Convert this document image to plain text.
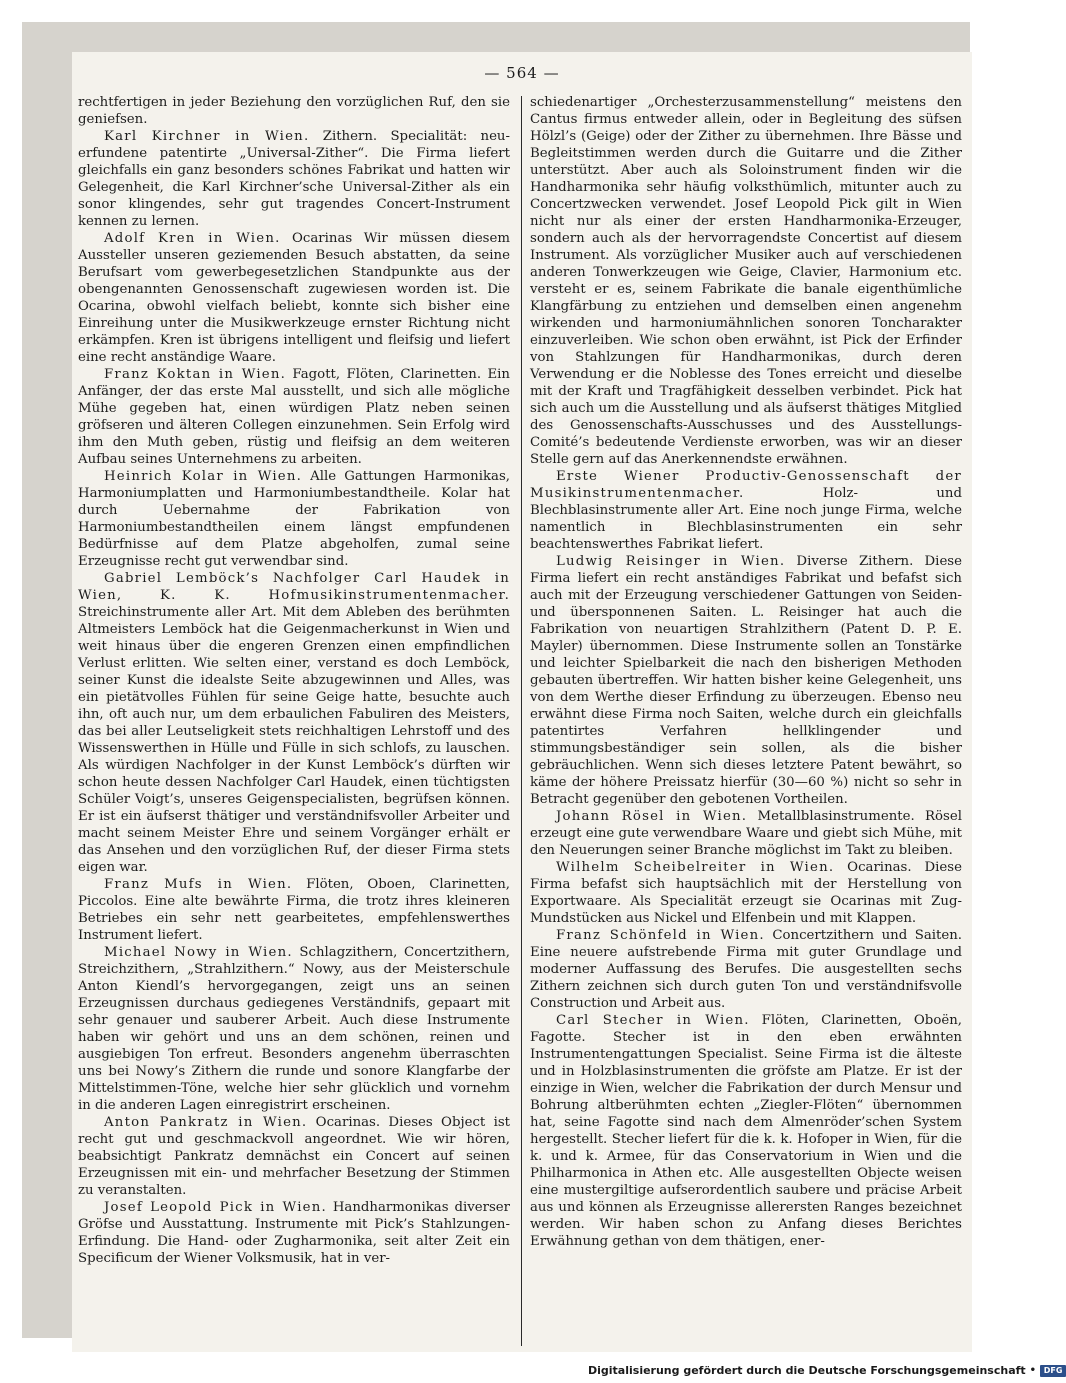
— 564 —

rechtfertigen in jeder Beziehung den vorzüglichen Ruf, den sie geniefsen.

Karl Kirchner in Wien. Zithern. Specialität: neu-erfundene patentirte „Universal-Zither“. Die Firma liefert gleichfalls ein ganz besonders schönes Fabrikat und hatten wir Gelegenheit, die Karl Kirchner’sche Universal-Zither als ein sonor klingendes, sehr gut tragendes Concert-Instrument kennen zu lernen.

Adolf Kren in Wien. Ocarinas Wir müssen diesem Aussteller unseren geziemenden Besuch abstatten, da seine Berufsart vom gewerbegesetzlichen Standpunkte aus der obengenannten Genossenschaft zugewiesen worden ist. Die Ocarina, obwohl vielfach beliebt, konnte sich bisher eine Einreihung unter die Musikwerkzeuge ernster Richtung nicht erkämpfen. Kren ist übrigens intelligent und fleifsig und liefert eine recht anständige Waare.

Franz Koktan in Wien. Fagott, Flöten, Clarinetten. Ein Anfänger, der das erste Mal ausstellt, und sich alle mögliche Mühe gegeben hat, einen würdigen Platz neben seinen gröfseren und älteren Collegen einzunehmen. Sein Erfolg wird ihm den Muth geben, rüstig und fleifsig an dem weiteren Aufbau seines Unternehmens zu arbeiten.

Heinrich Kolar in Wien. Alle Gattungen Harmonikas, Harmoniumplatten und Harmoniumbestandtheile. Kolar hat durch Uebernahme der Fabrikation von Harmoniumbestandtheilen einem längst empfundenen Bedürfnisse auf dem Platze abgeholfen, zumal seine Erzeugnisse recht gut verwendbar sind.

Gabriel Lemböck’s Nachfolger Carl Haudek in Wien, K. K. Hofmusikinstrumentenmacher. Streichinstrumente aller Art. Mit dem Ableben des berühmten Altmeisters Lemböck hat die Geigenmacherkunst in Wien und weit hinaus über die engeren Grenzen einen empfindlichen Verlust erlitten. Wie selten einer, verstand es doch Lemböck, seiner Kunst die idealste Seite abzugewinnen und Alles, was ein pietätvolles Fühlen für seine Geige hatte, besuchte auch ihn, oft auch nur, um dem erbaulichen Fabuliren des Meisters, das bei aller Leutseligkeit stets reichhaltigen Lehrstoff und des Wissenswerthen in Hülle und Fülle in sich schlofs, zu lauschen. Als würdigen Nachfolger in der Kunst Lemböck’s dürften wir schon heute dessen Nachfolger Carl Haudek, einen tüchtigsten Schüler Voigt’s, unseres Geigenspecialisten, begrüfsen können. Er ist ein äufserst thätiger und verständnifsvoller Arbeiter und macht seinem Meister Ehre und seinem Vorgänger erhält er das Ansehen und den vorzüglichen Ruf, der dieser Firma stets eigen war.

Franz Mufs in Wien. Flöten, Oboen, Clarinetten, Piccolos. Eine alte bewährte Firma, die trotz ihres kleineren Betriebes ein sehr nett gearbeitetes, empfehlenswerthes Instrument liefert.

Michael Nowy in Wien. Schlagzithern, Concertzithern, Streichzithern, „Strahlzithern.“ Nowy, aus der Meisterschule Anton Kiendl’s hervorgegangen, zeigt uns an seinen Erzeugnissen durchaus gediegenes Verständnifs, gepaart mit sehr genauer und sauberer Arbeit. Auch diese Instrumente haben wir gehört und uns an dem schönen, reinen und ausgiebigen Ton erfreut. Besonders angenehm überraschten uns bei Nowy’s Zithern die runde und sonore Klangfarbe der Mittelstimmen-Töne, welche hier sehr glücklich und vornehm in die anderen Lagen einregistrirt erscheinen.

Anton Pankratz in Wien. Ocarinas. Dieses Object ist recht gut und geschmackvoll angeordnet. Wie wir hören, beabsichtigt Pankratz demnächst ein Concert auf seinen Erzeugnissen mit ein- und mehrfacher Besetzung der Stimmen zu veranstalten.

Josef Leopold Pick in Wien. Handharmonikas diverser Gröfse und Ausstattung. Instrumente mit Pick’s Stahlzungen-Erfindung. Die Hand- oder Zugharmonika, seit alter Zeit ein Specificum der Wiener Volksmusik, hat in ver-

schiedenartiger „Orchesterzusammenstellung“ meistens den Cantus firmus entweder allein, oder in Begleitung des süfsen Hölzl’s (Geige) oder der Zither zu übernehmen. Ihre Bässe und Begleitstimmen werden durch die Guitarre und die Zither unterstützt. Aber auch als Soloinstrument finden wir die Handharmonika sehr häufig volksthümlich, mitunter auch zu Concertzwecken verwendet. Josef Leopold Pick gilt in Wien nicht nur als einer der ersten Handharmonika-Erzeuger, sondern auch als der hervorragendste Concertist auf diesem Instrument. Als vorzüglicher Musiker auch auf verschiedenen anderen Tonwerkzeugen wie Geige, Clavier, Harmonium etc. versteht er es, seinem Fabrikate die banale eigenthümliche Klangfärbung zu entziehen und demselben einen angenehm wirkenden und harmoniumähnlichen sonoren Toncharakter einzuverleiben. Wie schon oben erwähnt, ist Pick der Erfinder von Stahlzungen für Handharmonikas, durch deren Verwendung er die Noblesse des Tones erreicht und dieselbe mit der Kraft und Tragfähigkeit desselben verbindet. Pick hat sich auch um die Ausstellung und als äufserst thätiges Mitglied des Genossenschafts-Ausschusses und des Ausstellungs-Comité’s bedeutende Verdienste erworben, was wir an dieser Stelle gern auf das Anerkennendste erwähnen.

Erste Wiener Productiv-Genossenschaft der Musikinstrumentenmacher. Holz- und Blechblasinstrumente aller Art. Eine noch junge Firma, welche namentlich in Blechblasinstrumenten ein sehr beachtenswerthes Fabrikat liefert.

Ludwig Reisinger in Wien. Diverse Zithern. Diese Firma liefert ein recht anständiges Fabrikat und befafst sich auch mit der Erzeugung verschiedener Gattungen von Seiden- und übersponnenen Saiten. L. Reisinger hat auch die Fabrikation von neuartigen Strahlzithern (Patent D. P. E. Mayler) übernommen. Diese Instrumente sollen an Tonstärke und leichter Spielbarkeit die nach den bisherigen Methoden gebauten übertreffen. Wir hatten bisher keine Gelegenheit, uns von dem Werthe dieser Erfindung zu überzeugen. Ebenso neu erwähnt diese Firma noch Saiten, welche durch ein gleichfalls patentirtes Verfahren hellklingender und stimmungsbeständiger sein sollen, als die bisher gebräuchlichen. Wenn sich dieses letztere Patent bewährt, so käme der höhere Preissatz hierfür (30—60 %) nicht so sehr in Betracht gegenüber den gebotenen Vortheilen.

Johann Rösel in Wien. Metallblasinstrumente. Rösel erzeugt eine gute verwendbare Waare und giebt sich Mühe, mit den Neuerungen seiner Branche möglichst im Takt zu bleiben.

Wilhelm Scheibelreiter in Wien. Ocarinas. Diese Firma befafst sich hauptsächlich mit der Herstellung von Exportwaare. Als Specialität erzeugt sie Ocarinas mit Zug-Mundstücken aus Nickel und Elfenbein und mit Klappen.

Franz Schönfeld in Wien. Concertzithern und Saiten. Eine neuere aufstrebende Firma mit guter Grundlage und moderner Auffassung des Berufes. Die ausgestellten sechs Zithern zeichnen sich durch guten Ton und verständnifsvolle Construction und Arbeit aus.

Carl Stecher in Wien. Flöten, Clarinetten, Oboën, Fagotte. Stecher ist in den eben erwähnten Instrumentengattungen Specialist. Seine Firma ist die älteste und in Holzblasinstrumenten die gröfste am Platze. Er ist der einzige in Wien, welcher die Fabrikation der durch Mensur und Bohrung altberühmten echten „Ziegler-Flöten“ übernommen hat, seine Fagotte sind nach dem Almenröder’schen System hergestellt. Stecher liefert für die k. k. Hofoper in Wien, für die k. und k. Armee, für das Conservatorium in Wien und die Philharmonica in Athen etc. Alle ausgestellten Objecte weisen eine mustergiltige aufserordentlich saubere und präcise Arbeit aus und können als Erzeugnisse allerersten Ranges bezeichnet werden. Wir haben schon zu Anfang dieses Berichtes Erwähnung gethan von dem thätigen, ener-

Digitalisierung gefördert durch die Deutsche Forschungsgemeinschaft • DFG
